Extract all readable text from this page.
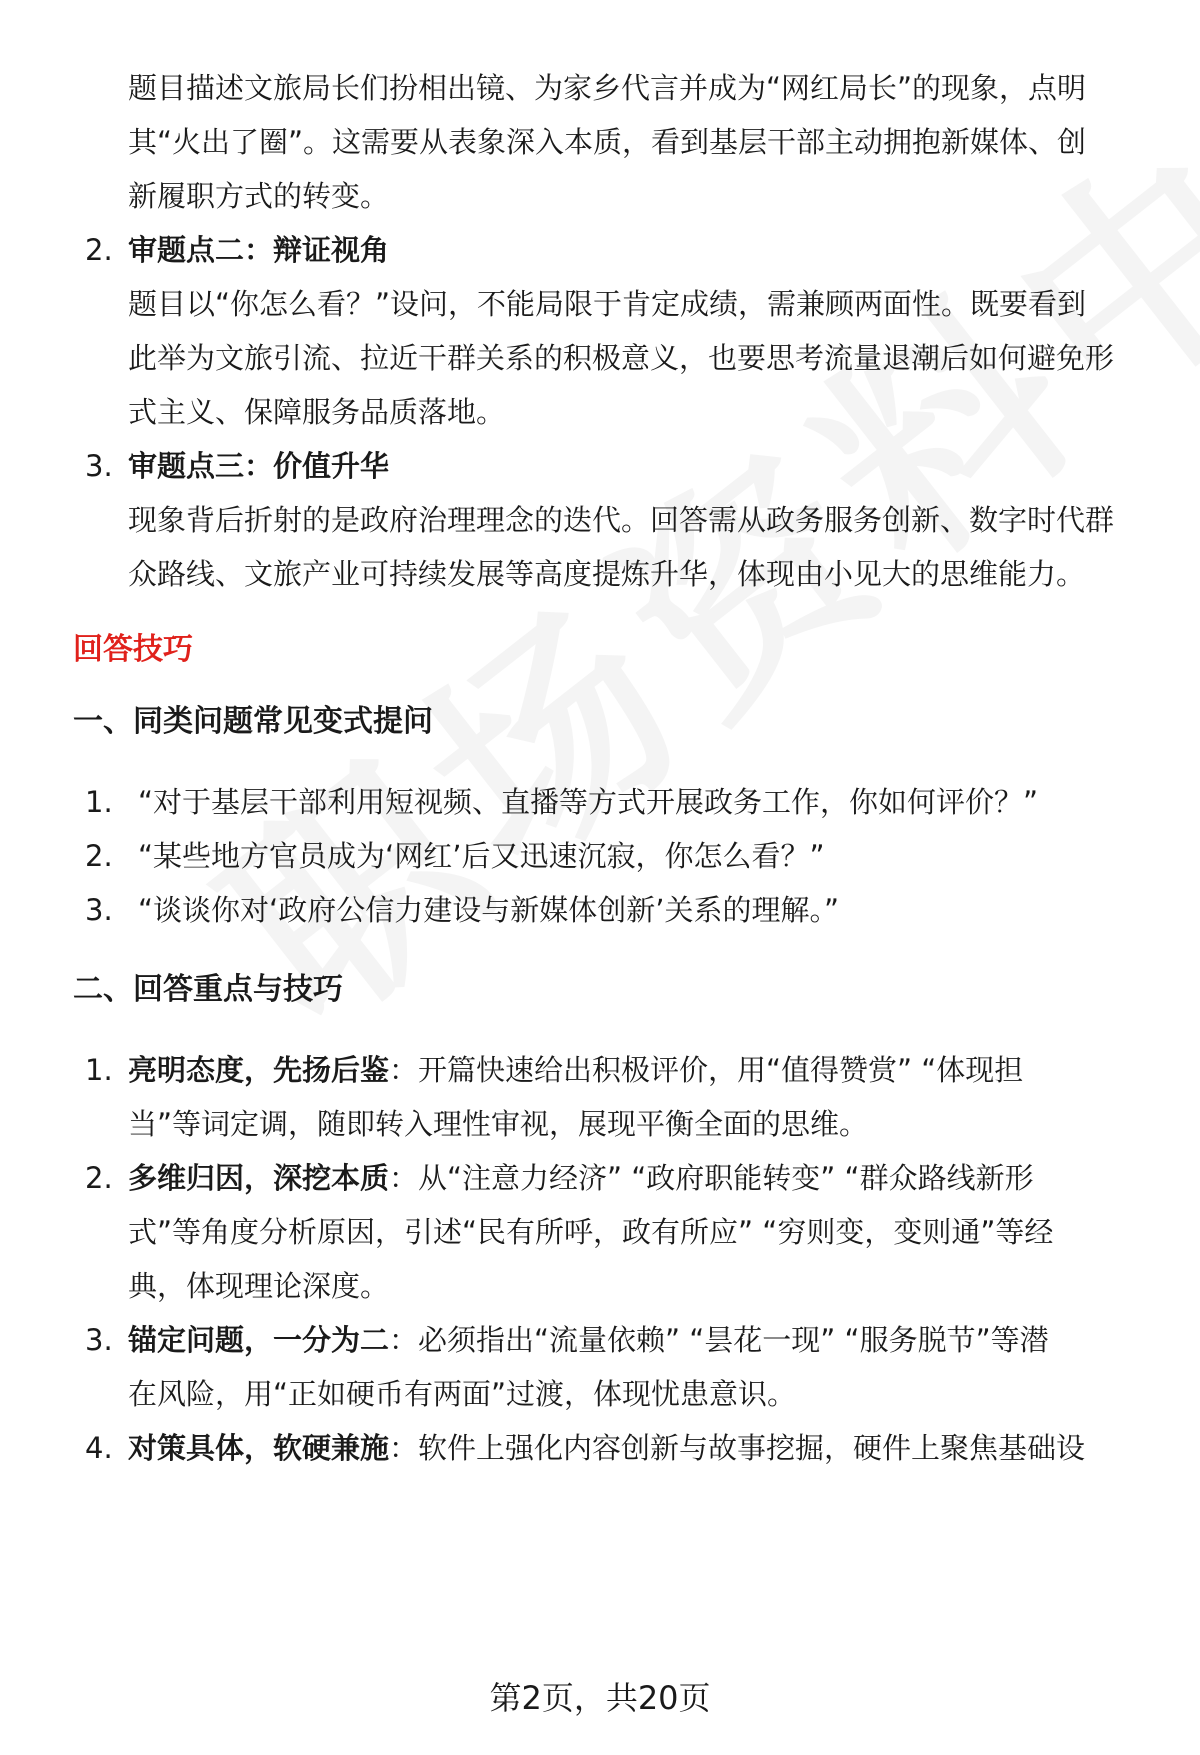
题目描述文旅局长们扮相出镜、为家乡代言并成为“网红局长”的现象，点明
其“火出了圈”。这需要从表象深入本质，看到基层干部主动拥抱新媒体、创
新履职方式的转变。
2. 审题点二：辩证视角
题目以“你怎么看？”设问，不能局限于肯定成绩，需兼顾两面性。既要看到
此举为文旅引流、拉近干群关系的积极意义，也要思考流量退潮后如何避免形
式主义、保障服务品质落地。
3. 审题点三：价值升华
现象背后折射的是政府治理理念的迭代。回答需从政务服务创新、数字时代群
众路线、文旅产业可持续发展等高度提炼升华，体现由小见大的思维能力。
回答技巧
一、同类问题常见变式提问
1. “对于基层干部利用短视频、直播等方式开展政务工作，你如何评价？”
2. “某些地方官员成为‘网红’后又迅速沉寂，你怎么看？”
3. “谈谈你对‘政府公信力建设与新媒体创新’关系的理解。”
二、回答重点与技巧
1. 亮明态度，先扬后鉴：开篇快速给出积极评价，用“值得赞赏” “体现担
当”等词定调，随即转入理性审视，展现平衡全面的思维。
2. 多维归因，深挖本质：从“注意力经济” “政府职能转变” “群众路线新形
式”等角度分析原因，引述“民有所呼，政有所应” “穷则变，变则通”等经
典，体现理论深度。
3. 锚定问题，一分为二：必须指出“流量依赖” “昙花一现” “服务脱节”等潜
在风险，用“正如硬币有两面”过渡，体现忧患意识。
4. 对策具体，软硬兼施：软件上强化内容创新与故事挖掘，硬件上聚焦基础设
第2页，共20页
